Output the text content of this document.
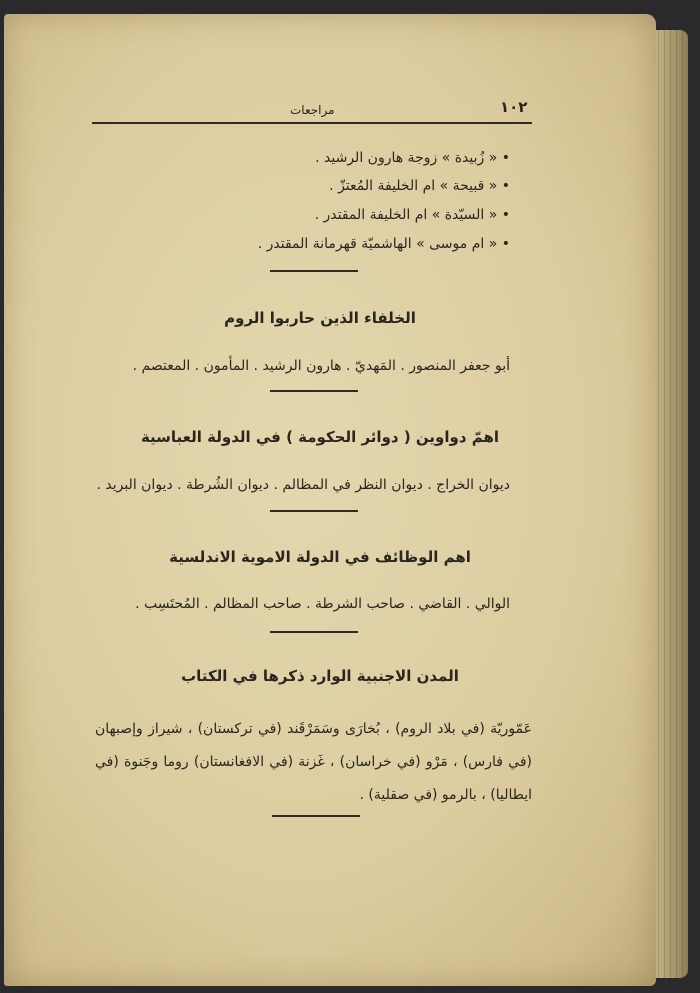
١٠٢
مراجعات
• « زُبيدة » زوجة هارون الرشيد .
• « قبيحة » ام الخليفة المُعتزّ .
• « السيّدة » ام الخليفة المقتدر .
• « ام موسى » الهاشميّة قهرمانة المقتدر .
الخلفاء الذين حاربوا الروم
أبو جعفر المنصور . المَهديّ . هارون الرشيد . المأمون . المعتصم .
اهمّ دواوين ( دوائر الحكومة ) في الدولة العباسية
ديوان الخراج . ديوان النظر في المظالم . ديوان الشُرطة . ديوان البريد .
اهم الوظائف في الدولة الاموية الاندلسية
الوالي . القاضي . صاحب الشرطة . صاحب المظالم . المُحتَسِب .
المدن الاجنبية الوارد ذكرها في الكتاب
عَمّوريّة (في بلاد الروم) ، بُخارَى وسَمَرْقَند (في تركستان) ، شيراز وإصبهان (في فارس) ، مَرْو (في خراسان) ، غَزنة (في الافغانستان) روما وجَنوة (في ايطاليا) ، بالرمو (في صقلية) .
